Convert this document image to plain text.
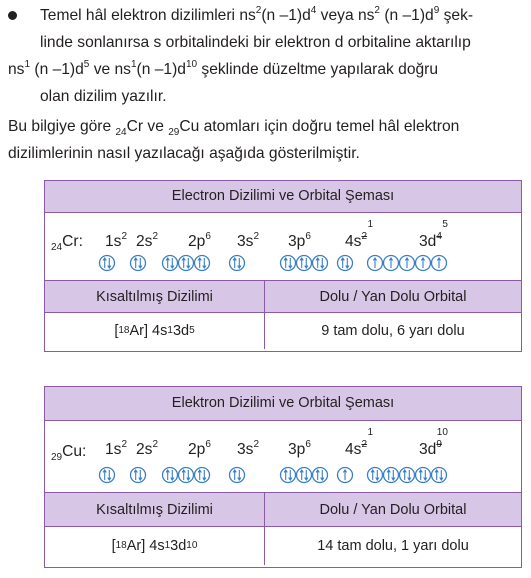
Temel hâl elektron dizilimleri $ns^2(n$ $-1)d^4$ veya $ns^2$ (n $-1)d^9$ şek-
linde sonlanırsa s orbitalindeki bir elektron d orbitaline aktarılıp
$ns^1$ (n $-1)d^5$ ve $ns^1(n$ $-1)d^{10}$ şeklinde düzeltme yapılarak doğru
olan dizilim yazılır.
Bu bilgiye göre $_{24}$Cr ve $_{29}$Cu atomları için doğru temel hâl elektron
dizilimlerinin nasıl yazılacağı aşağıda gösterilmiştir.
Electron Dizilimi ve Orbital Şeması
$_{24}$Cr: $1s^2$ $2s^2$ $2p^6$ $3s^2$ $3p^6$ $4s^2$
1
$3d^4$
5
Kısaltılmış Dizilimi	Dolu / Yan Dolu Orbital
[ 18 Ar] 4s 1 3d 5	9 tam dolu, 6 yarı dolu
Elektron Dizilimi ve Orbital Şeması
$_{29}$Cu: $1s^2$ $2s^2$ $2p^6$ $3s^2$ $3p^6$ $4s^2$
1
$3d^9$
10
Kısaltılmış Dizilimi	Dolu / Yan Dolu Orbital
[ 18 Ar] 4s 1 3d 10	14 tam dolu, 1 yarı dolu
